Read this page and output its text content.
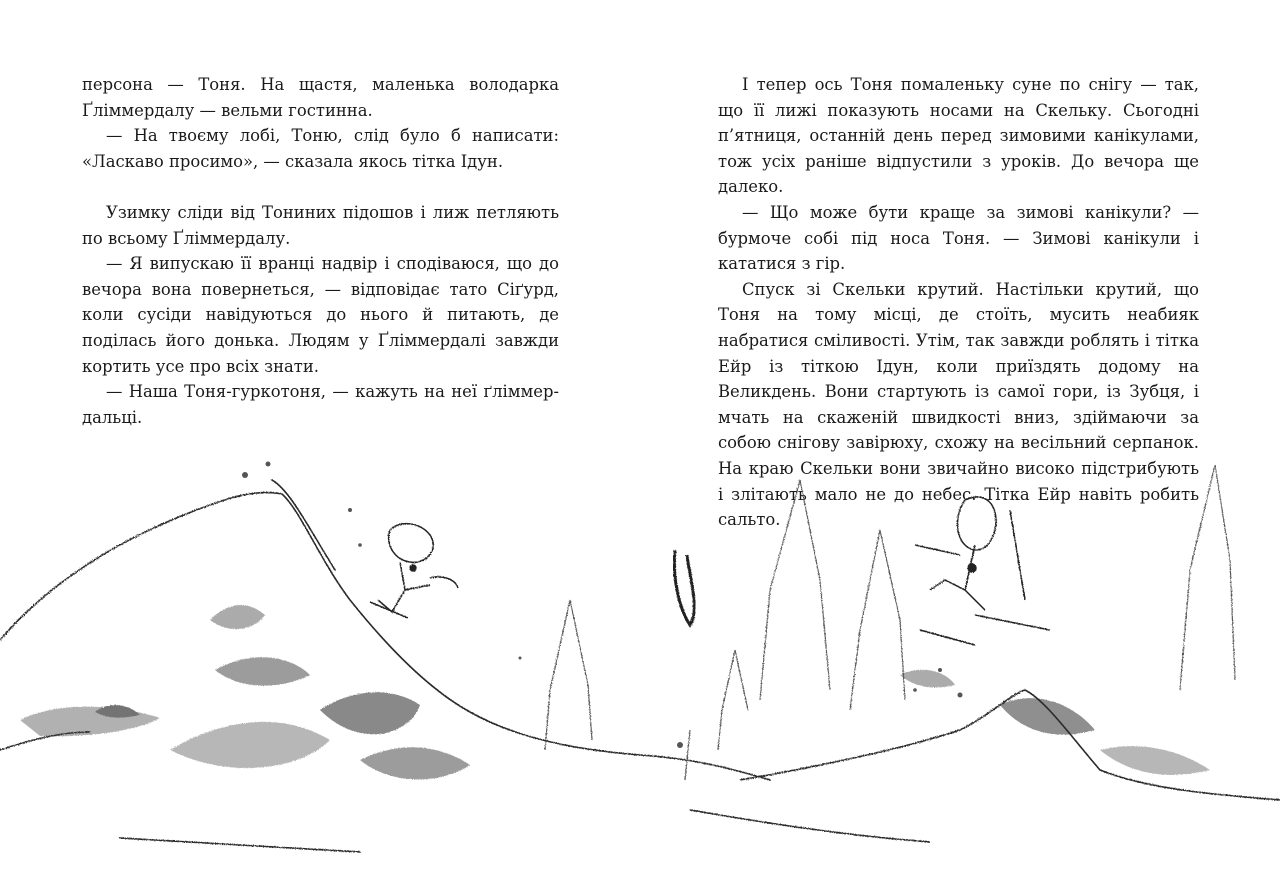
персона — Тоня. На щастя, маленька володарка Ґліммердалу — вельми гостинна.

— На твоєму лобі, Тоню, слід було б написати: «Ласкаво просимо», — сказала якось тітка Ідун.

Узимку сліди від Тониних підошов і лиж петляють по всьому Ґліммердалу.

— Я випускаю її вранці надвір і сподіваюся, що до вечора вона повернеться, — відповідає тато Сіґурд, коли сусіди навідуються до нього й питають, де поділась його донька. Людям у Ґліммердалі завжди кортить усе про всіх знати.

— Наша Тоня-гуркотоня, — кажуть на неї ґліммердальці.

І тепер ось Тоня помаленьку суне по снігу — так, що її лижі показують носами на Скельку. Сьогодні п’ятниця, останній день перед зимовими канікулами, тож усіх раніше відпустили з уроків. До вечора ще далеко.

— Що може бути краще за зимові канікули? — бурмоче собі під носа Тоня. — Зимові канікули і кататися з гір.

Спуск зі Скельки крутий. Настільки крутий, що Тоня на тому місці, де стоїть, мусить неабияк набратися сміливості. Утім, так завжди роблять і тітка Ейр із тіткою Ідун, коли приїздять додому на Великдень. Вони стартують із самої гори, із Зубця, і мчать на скаженій швидкості вниз, здіймаючи за собою снігову завірюху, схожу на весільний серпанок. На краю Скельки вони звичайно високо підстрибують і злітають мало не до небес. Тітка Ейр навіть робить сальто.
